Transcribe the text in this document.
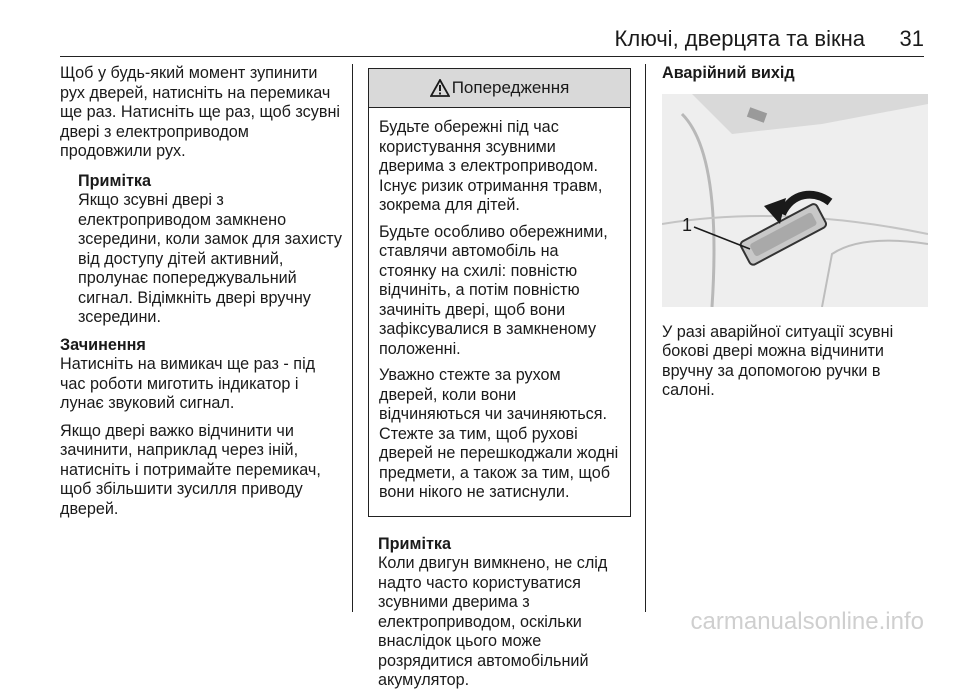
Ключі, дверцята та вікна 31

Щоб у будь-який момент зупинити рух дверей, натисніть на перемикач ще раз. Натисніть ще раз, щоб зсувні двері з електроприводом продовжили рух.

Примітка
Якщо зсувні двері з електроприводом замкнено зсередини, коли замок для захисту від доступу дітей активний, пролунає попереджувальний сигнал. Відімкніть двері вручну зсередини.
Зачинення

Натисніть на вимикач ще раз - під час роботи миготить індикатор і лунає звуковий сигнал.

Якщо двері важко відчинити чи зачинити, наприклад через іній, натисніть і потримайте перемикач, щоб збільшити зусилля приводу дверей.

Попередження

Будьте обережні під час користування зсувними дверима з електроприводом. Існує ризик отримання травм, зокрема для дітей.

Будьте особливо обережними, ставлячи автомобіль на стоянку на схилі: повністю відчиніть, а потім повністю зачиніть двері, щоб вони зафіксувалися в замкненому положенні.

Уважно стежте за рухом дверей, коли вони відчиняються чи зачиняються. Стежте за тим, щоб рухові дверей не перешкоджали жодні предмети, а також за тим, щоб вони нікого не затиснули.

Примітка
Коли двигун вимкнено, не слід надто часто користуватися зсувними дверима з електроприводом, оскільки внаслідок цього може розрядитися автомобільний акумулятор.
Аварійний вихід
1
У разі аварійної ситуації зсувні бокові двері можна відчинити вручну за допомогою ручки в салоні.
carmanualsonline.info
